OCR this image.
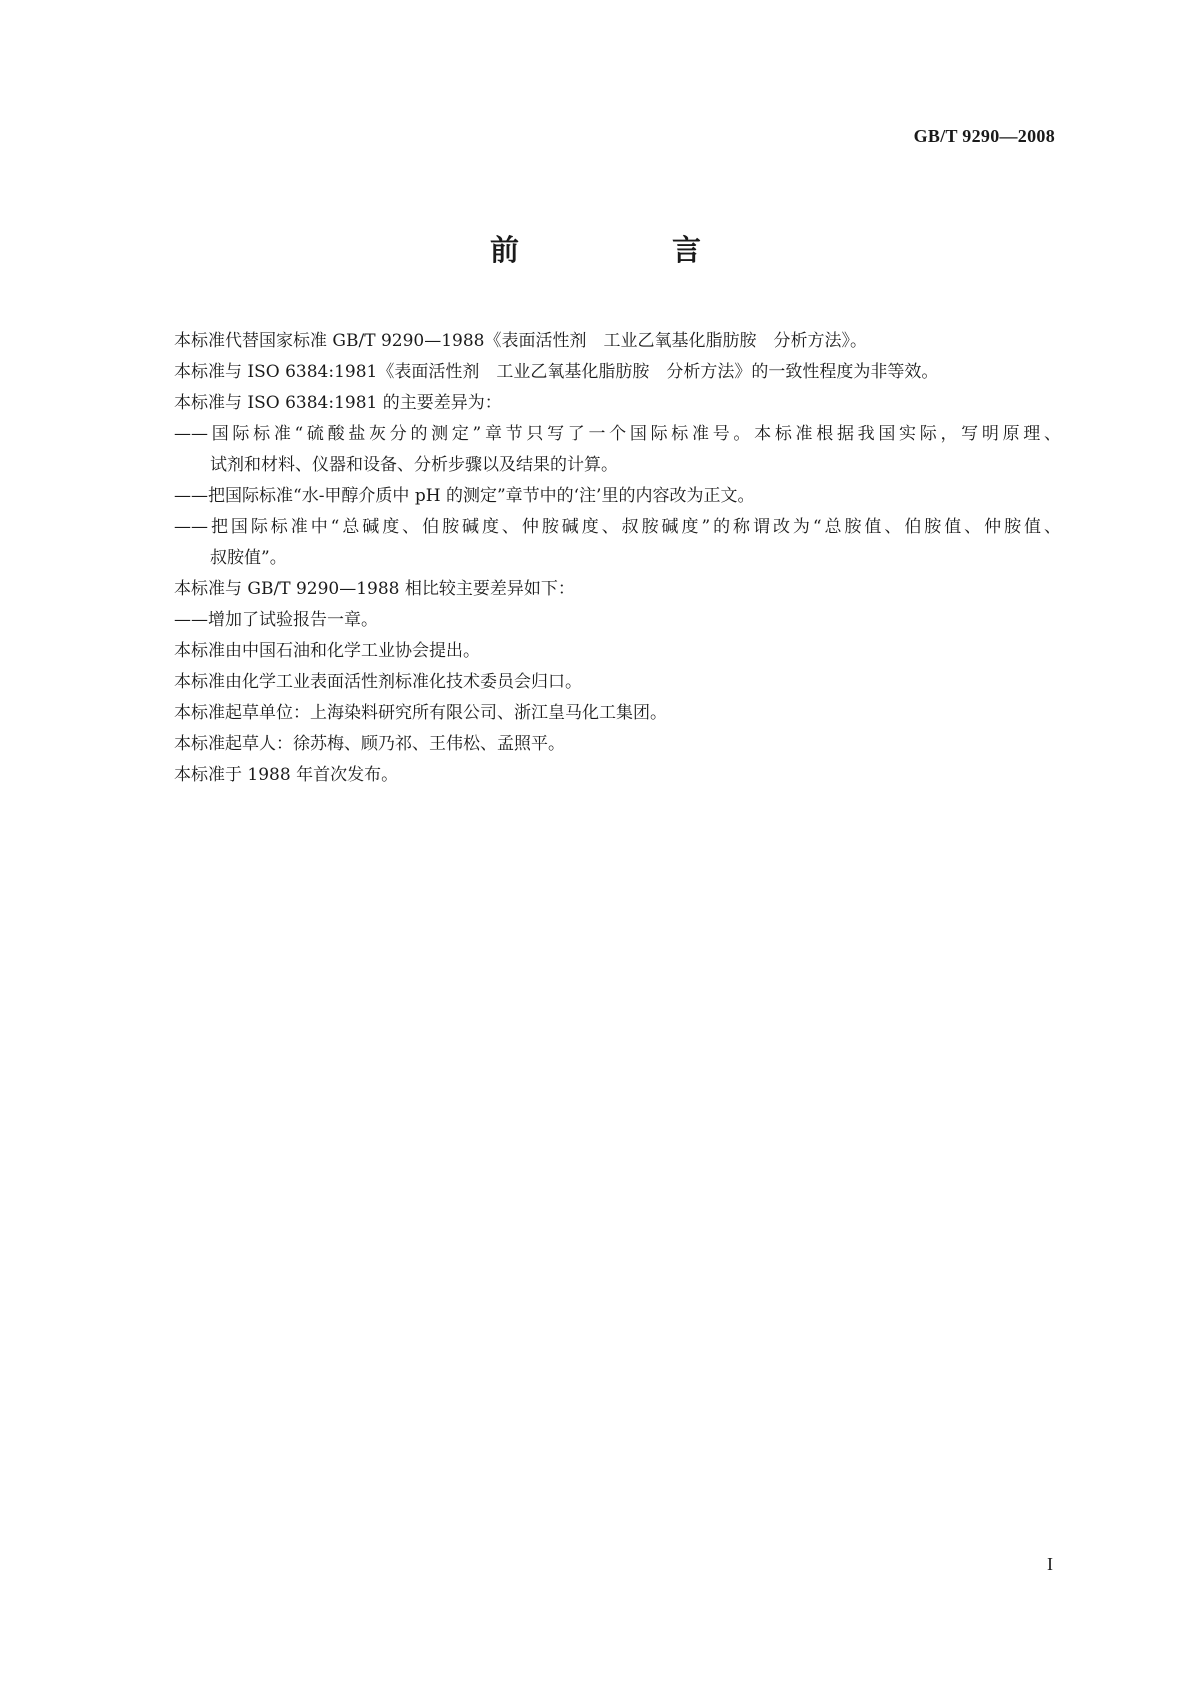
GB/T 9290—2008
前　言
本标准代替国家标准 GB/T 9290—1988《表面活性剂　工业乙氧基化脂肪胺　分析方法》。
本标准与 ISO 6384:1981《表面活性剂　工业乙氧基化脂肪胺　分析方法》的一致性程度为非等效。
本标准与 ISO 6384:1981 的主要差异为：
——国际标准“硫酸盐灰分的测定”章节只写了一个国际标准号。本标准根据我国实际，写明原理、
试剂和材料、仪器和设备、分析步骤以及结果的计算。
——把国际标准“水-甲醇介质中 pH 的测定”章节中的‘注’里的内容改为正文。
——把国际标准中“总碱度、伯胺碱度、仲胺碱度、叔胺碱度”的称谓改为“总胺值、伯胺值、仲胺值、
叔胺值”。
本标准与 GB/T 9290—1988 相比较主要差异如下：
——增加了试验报告一章。
本标准由中国石油和化学工业协会提出。
本标准由化学工业表面活性剂标准化技术委员会归口。
本标准起草单位：上海染料研究所有限公司、浙江皇马化工集团。
本标准起草人：徐苏梅、顾乃祁、王伟松、孟照平。
本标准于 1988 年首次发布。
I
